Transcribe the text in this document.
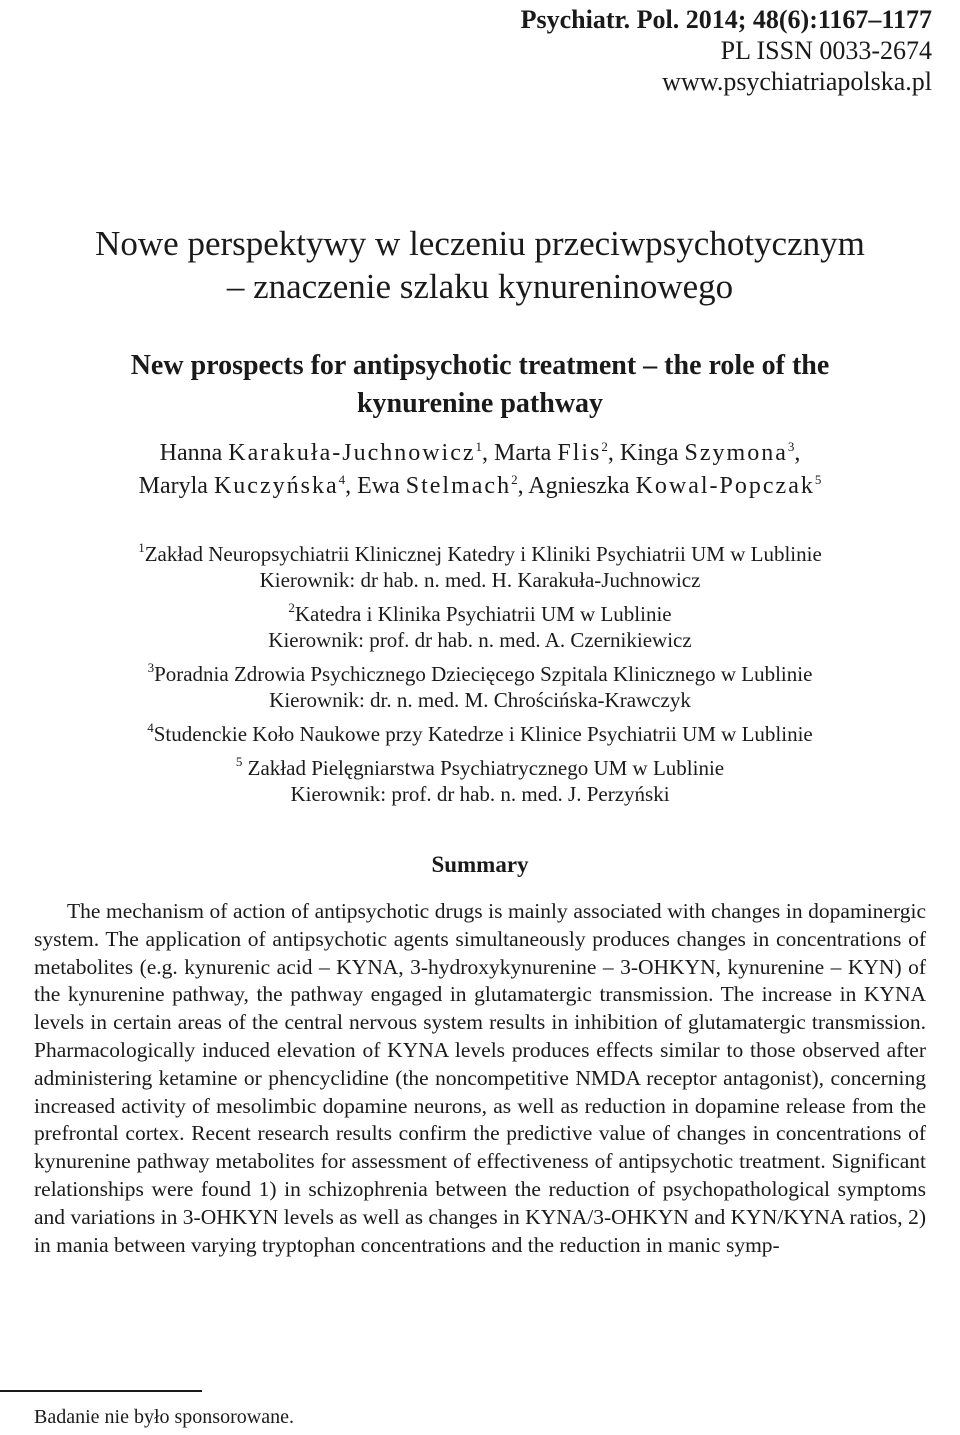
Psychiatr. Pol. 2014; 48(6):1167–1177
PL ISSN 0033-2674
www.psychiatriapolska.pl
Nowe perspektywy w leczeniu przeciwpsychotycznym
– znaczenie szlaku kynureninowego
New prospects for antipsychotic treatment – the role of the
kynurenine pathway
Hanna Karakuła-Juchnowicz$^1$, Marta Flis$^2$, Kinga Szymona$^3$,
Maryla Kuczyńska$^4$, Ewa Stelmach$^2$, Agnieszka Kowal-Popczak$^5$
$^1$Zakład Neuropsychiatrii Klinicznej Katedry i Kliniki Psychiatrii UM w Lublinie
Kierownik: dr hab. n. med. H. Karakuła-Juchnowicz
$^2$Katedra i Klinika Psychiatrii UM w Lublinie
Kierownik: prof. dr hab. n. med. A. Czernikiewicz
$^3$Poradnia Zdrowia Psychicznego Dziecięcego Szpitala Klinicznego w Lublinie
Kierownik: dr. n. med. M. Chrościńska-Krawczyk
$^4$Studenckie Koło Naukowe przy Katedrze i Klinice Psychiatrii UM w Lublinie
$^5$ Zakład Pielęgniarstwa Psychiatrycznego UM w Lublinie
Kierownik: prof. dr hab. n. med. J. Perzyński
Summary
The mechanism of action of antipsychotic drugs is mainly associated with changes in dopaminergic system. The application of antipsychotic agents simultaneously produces changes in concentrations of metabolites (e.g. kynurenic acid – KYNA, 3-hydroxykynurenine – 3-OHKYN, kynurenine – KYN) of the kynurenine pathway, the pathway engaged in glutamatergic transmission. The increase in KYNA levels in certain areas of the central nervous system results in inhibition of glutamatergic transmission. Pharmacologically induced elevation of KYNA levels produces effects similar to those observed after administering ketamine or phencyclidine (the noncompetitive NMDA receptor antagonist), concerning increased activity of mesolimbic dopamine neurons, as well as reduction in dopamine release from the prefrontal cortex. Recent research results confirm the predictive value of changes in concentrations of kynurenine pathway metabolites for assessment of effectiveness of antipsychotic treatment. Significant relationships were found 1) in schizophrenia between the reduction of psychopathological symptoms and variations in 3-OHKYN levels as well as changes in KYNA/3-OHKYN and KYN/KYNA ratios, 2) in mania between varying tryptophan concentrations and the reduction in manic symp-
Badanie nie było sponsorowane.
